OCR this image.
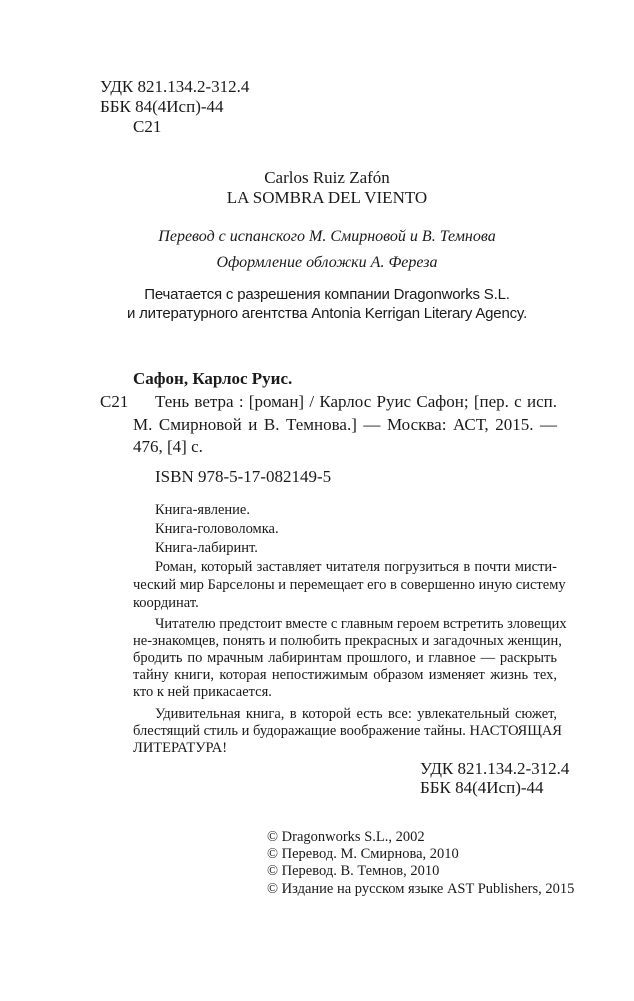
УДК 821.134.2-312.4
ББК 84(4Исп)-44
С21
Carlos Ruiz Zafón
LA SOMBRA DEL VIENTO
Перевод с испанского М. Смирновой и В. Темнова
Оформление обложки А. Фереза
Печатается с разрешения компании Dragonworks S.L.
и литературного агентства Antonia Kerrigan Literary Agency.
Сафон, Карлос Руис.
С21 Тень ветра : [роман] / Карлос Руис Сафон; [пер. с исп.
М. Смирновой и В. Темнова.] — Москва: АСТ, 2015. —
476, [4] с.
ISBN 978-5-17-082149-5
Книга-явление.
Книга-головоломка.
Книга-лабиринт.
Роман, который заставляет читателя погрузиться в почти мисти-
ческий мир Барселоны и перемещает его в совершенно иную систему
координат.
Читателю предстоит вместе с главным героем встретить зловещих
не-знакомцев, понять и полюбить прекрасных и загадочных женщин,
бродить по мрачным лабиринтам прошлого, и главное — раскрыть
тайну книги, которая непостижимым образом изменяет жизнь тех,
кто к ней прикасается.
Удивительная книга, в которой есть все: увлекательный сюжет,
блестящий стиль и будоражащие воображение тайны. НАСТОЯЩАЯ
ЛИТЕРАТУРА!
УДК 821.134.2-312.4
ББК 84(4Исп)-44
© Dragonworks S.L., 2002
© Перевод. М. Смирнова, 2010
© Перевод. В. Темнов, 2010
© Издание на русском языке AST Publishers, 2015
